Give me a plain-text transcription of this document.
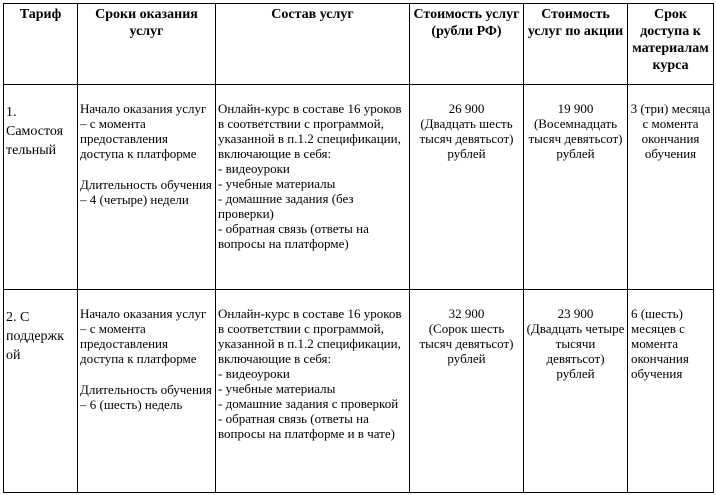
Тариф	Сроки оказания услуг	Состав услуг	Стоимость услуг (рубли РФ)	Стоимость услуг по акции	Срок доступа к материалам курса
1. Самостоя
тельный	Начало оказания услуг – с момента предоставления доступа к платформе
Длительность обучения – 4 (четыре) недели	Онлайн-курс в составе 16 уроков в соответствии с программой, указанной в п.1.2 спецификации, включающие в себя:
- видеоуроки
- учебные материалы
- домашние задания (без проверки)
- обратная связь (ответы на вопросы на платформе)	26 900
(Двадцать шесть тысяч девятьсот) рублей	19 900
(Восемнадцать тысяч девятьсот) рублей	3 (три) месяца с момента окончания обучения
2. С поддержк
ой	Начало оказания услуг – с момента предоставления доступа к платформе
Длительность обучения – 6 (шесть) недель	Онлайн-курс в составе 16 уроков в соответствии с программой, указанной в п.1.2 спецификации, включающие в себя:
- видеоуроки
- учебные материалы
- домашние задания с проверкой
- обратная связь (ответы на вопросы на платформе и в чате)	32 900
(Сорок шесть тысяч девятьсот) рублей	23 900
(Двадцать четыре тысячи девятьсот) рублей	6 (шесть) месяцев с момента окончания обучения
